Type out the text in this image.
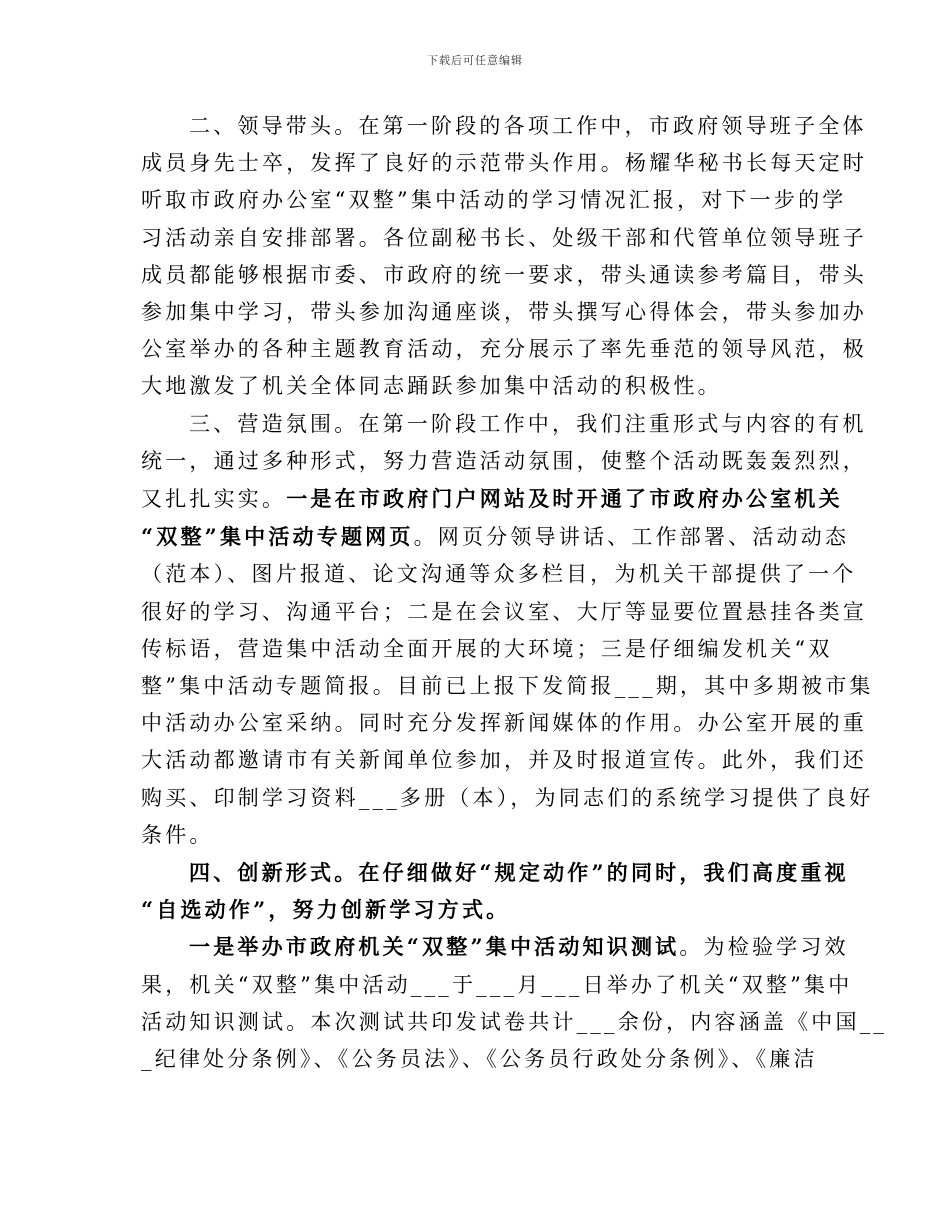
下载后可任意编辑
二、领导带头。在第一阶段的各项工作中，市政府领导班子全体
成员身先士卒，发挥了良好的示范带头作用。杨耀华秘书长每天定时
听取市政府办公室“双整”集中活动的学习情况汇报，对下一步的学
习活动亲自安排部署。各位副秘书长、处级干部和代管单位领导班子
成员都能够根据市委、市政府的统一要求，带头通读参考篇目，带头
参加集中学习，带头参加沟通座谈，带头撰写心得体会，带头参加办
公室举办的各种主题教育活动，充分展示了率先垂范的领导风范，极
大地激发了机关全体同志踊跃参加集中活动的积极性。
三、营造氛围。在第一阶段工作中，我们注重形式与内容的有机
统一，通过多种形式，努力营造活动氛围，使整个活动既轰轰烈烈，
又扎扎实实。一是在市政府门户网站及时开通了市政府办公室机关
“双整”集中活动专题网页。网页分领导讲话、工作部署、活动动态
（范本）、图片报道、论文沟通等众多栏目，为机关干部提供了一个
很好的学习、沟通平台；二是在会议室、大厅等显要位置悬挂各类宣
传标语，营造集中活动全面开展的大环境；三是仔细编发机关“双
整”集中活动专题简报。目前已上报下发简报___期，其中多期被市集
中活动办公室采纳。同时充分发挥新闻媒体的作用。办公室开展的重
大活动都邀请市有关新闻单位参加，并及时报道宣传。此外，我们还
购买、印制学习资料___多册（本），为同志们的系统学习提供了良好
条件。
四、创新形式。在仔细做好“规定动作”的同时，我们高度重视
“自选动作”，努力创新学习方式。
一是举办市政府机关“双整”集中活动知识测试。为检验学习效
果，机关“双整”集中活动___于___月___日举办了机关“双整”集中
活动知识测试。本次测试共印发试卷共计___余份，内容涵盖《中国__
_纪律处分条例》、《公务员法》、《公务员行政处分条例》、《廉洁
